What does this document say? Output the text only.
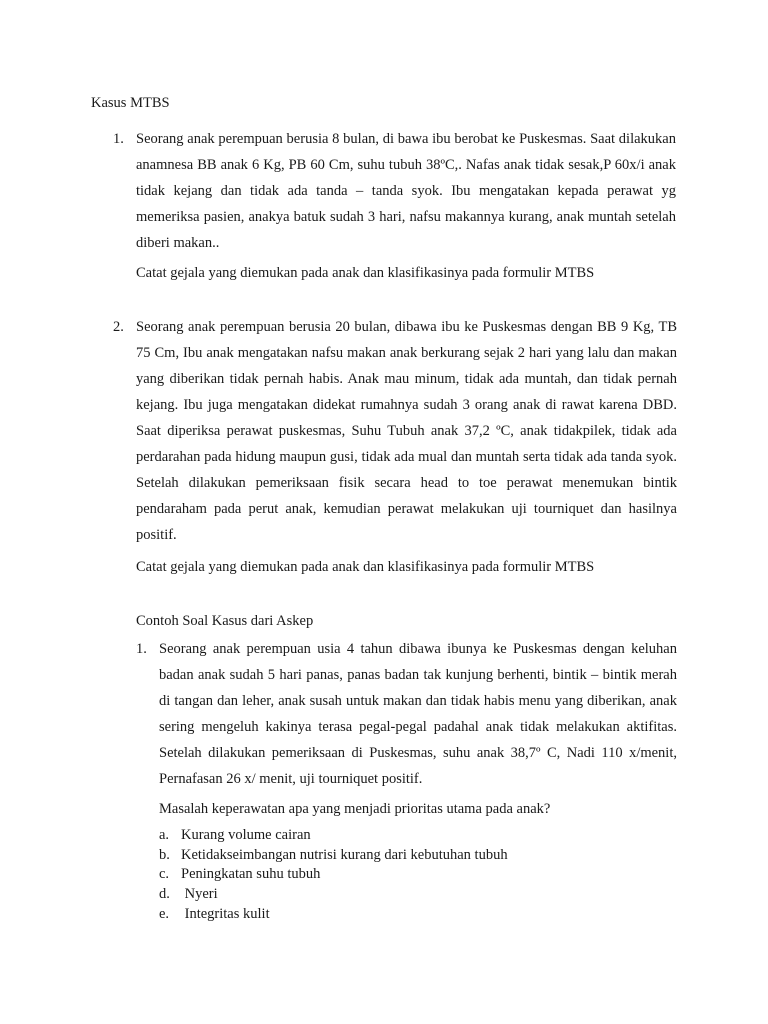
Kasus MTBS
1. Seorang anak perempuan berusia 8 bulan, di bawa ibu berobat ke Puskesmas. Saat dilakukan anamnesa BB anak 6 Kg, PB 60 Cm, suhu tubuh 38ºC,. Nafas anak tidak sesak,P 60x/i anak tidak kejang dan tidak ada tanda – tanda syok. Ibu mengatakan kepada perawat yg memeriksa pasien, anakya batuk sudah 3 hari, nafsu makannya kurang, anak muntah setelah diberi makan..

Catat gejala yang diemukan pada anak dan klasifikasinya pada formulir MTBS
2. Seorang anak perempuan berusia 20 bulan, dibawa ibu ke Puskesmas dengan BB 9 Kg, TB 75 Cm, Ibu anak mengatakan nafsu makan anak berkurang sejak 2 hari yang lalu dan makan yang diberikan tidak pernah habis. Anak mau minum, tidak ada muntah, dan tidak pernah kejang. Ibu juga mengatakan didekat rumahnya sudah 3 orang anak di rawat karena DBD. Saat diperiksa perawat puskesmas, Suhu Tubuh anak 37,2 ºC, anak tidakpilek, tidak ada perdarahan pada hidung maupun gusi, tidak ada mual dan muntah serta tidak ada tanda syok. Setelah dilakukan pemeriksaan fisik secara head to toe perawat menemukan bintik pendaraham pada perut anak, kemudian perawat melakukan uji tourniquet dan hasilnya positif.

Catat gejala yang diemukan pada anak dan klasifikasinya pada formulir MTBS
Contoh Soal Kasus dari Askep
1. Seorang anak perempuan usia 4 tahun dibawa ibunya ke Puskesmas dengan keluhan badan anak sudah 5 hari panas, panas badan tak kunjung berhenti, bintik – bintik merah di tangan dan leher, anak susah untuk makan dan tidak habis menu yang diberikan, anak sering mengeluh kakinya terasa pegal-pegal padahal anak tidak melakukan aktifitas. Setelah dilakukan pemeriksaan di Puskesmas, suhu anak 38,7º C, Nadi 110 x/menit, Pernafasan 26 x/ menit, uji tourniquet positif.

Masalah keperawatan apa yang menjadi prioritas utama pada anak?
a. Kurang volume cairan
b. Ketidakseimbangan nutrisi kurang dari kebutuhan tubuh
c. Peningkatan suhu tubuh
d. Nyeri
e. Integritas kulit
